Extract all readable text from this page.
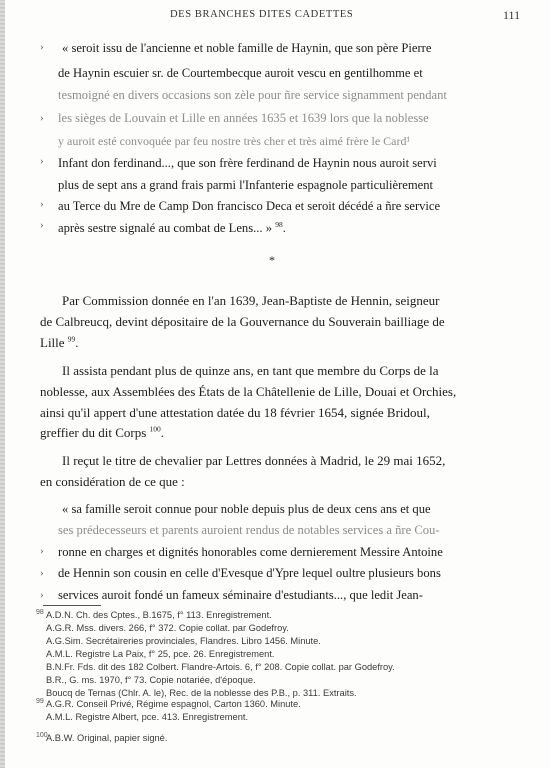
DES BRANCHES DITES CADETTES	111
›
›
›
›
›
« seroit issu de l'ancienne et noble famille de Haynin, que son père Pierre
de Haynin escuier sr. de Courtembecque auroit vescu en gentilhomme et
tesmoigné en divers occasions son zèle pour ñre service signamment pendant
les sièges de Louvain et Lille en années 1635 et 1639 lors que la noblesse
y auroit esté convoquée par feu nostre très cher et très aimé frère le Card¹
Infant don ferdinand..., que son frère ferdinand de Haynin nous auroit servi
plus de sept ans a grand frais parmi l'Infanterie espagnole particulièrement
au Terce du Mre de Camp Don francisco Deca et seroit décédé a ñre service
après sestre signalé au combat de Lens... » $^{98}$.
*
Par Commission donnée en l'an 1639, Jean-Baptiste de Hennin, seigneur
de Calbreucq, devint dépositaire de la Gouvernance du Souverain bailliage de
Lille $^{99}$.
Il assista pendant plus de quinze ans, en tant que membre du Corps de la
noblesse, aux Assemblées des États de la Châtellenie de Lille, Douai et Orchies,
ainsi qu'il appert d'une attestation datée du 18 février 1654, signée Bridoul,
greffier du dit Corps $^{100}$.
Il reçut le titre de chevalier par Lettres données à Madrid, le 29 mai 1652,
en considération de ce que :
›
›
›
« sa famille seroit connue pour noble depuis plus de deux cens ans et que
ses prédecesseurs et parents auroient rendus de notables services a ñre Cou-
ronne en charges et dignités honorables come dernierement Messire Antoine
de Hennin son cousin en celle d'Evesque d'Ypre lequel oultre plusieurs bons
services auroit fondé un fameux séminaire d'estudiants..., que ledit Jean-
98
99
100
A.D.N. Ch. des Cptes., B.1675, f° 113. Enregistrement.
A.G.R. Mss. divers. 266, f° 372. Copie collat. par Godefroy.
A.G.Sim. Secrétaireries provinciales, Flandres. Libro 1456. Minute.
A.M.L. Registre La Paix, f° 25, pce. 26. Enregistrement.
B.N.Fr. Fds. dit des 182 Colbert. Flandre-Artois. 6, f° 208. Copie collat. par Godefroy.
B.R., G. ms. 1970, f° 73. Copie notariée, d'époque.
Boucq de Ternas (Chlr. A. le), Rec. de la noblesse des P.B., p. 311. Extraits.
A.G.R. Conseil Privé, Régime espagnol, Carton 1360. Minute.
A.M.L. Registre Albert, pce. 413. Enregistrement.
A.B.W. Original, papier signé.
